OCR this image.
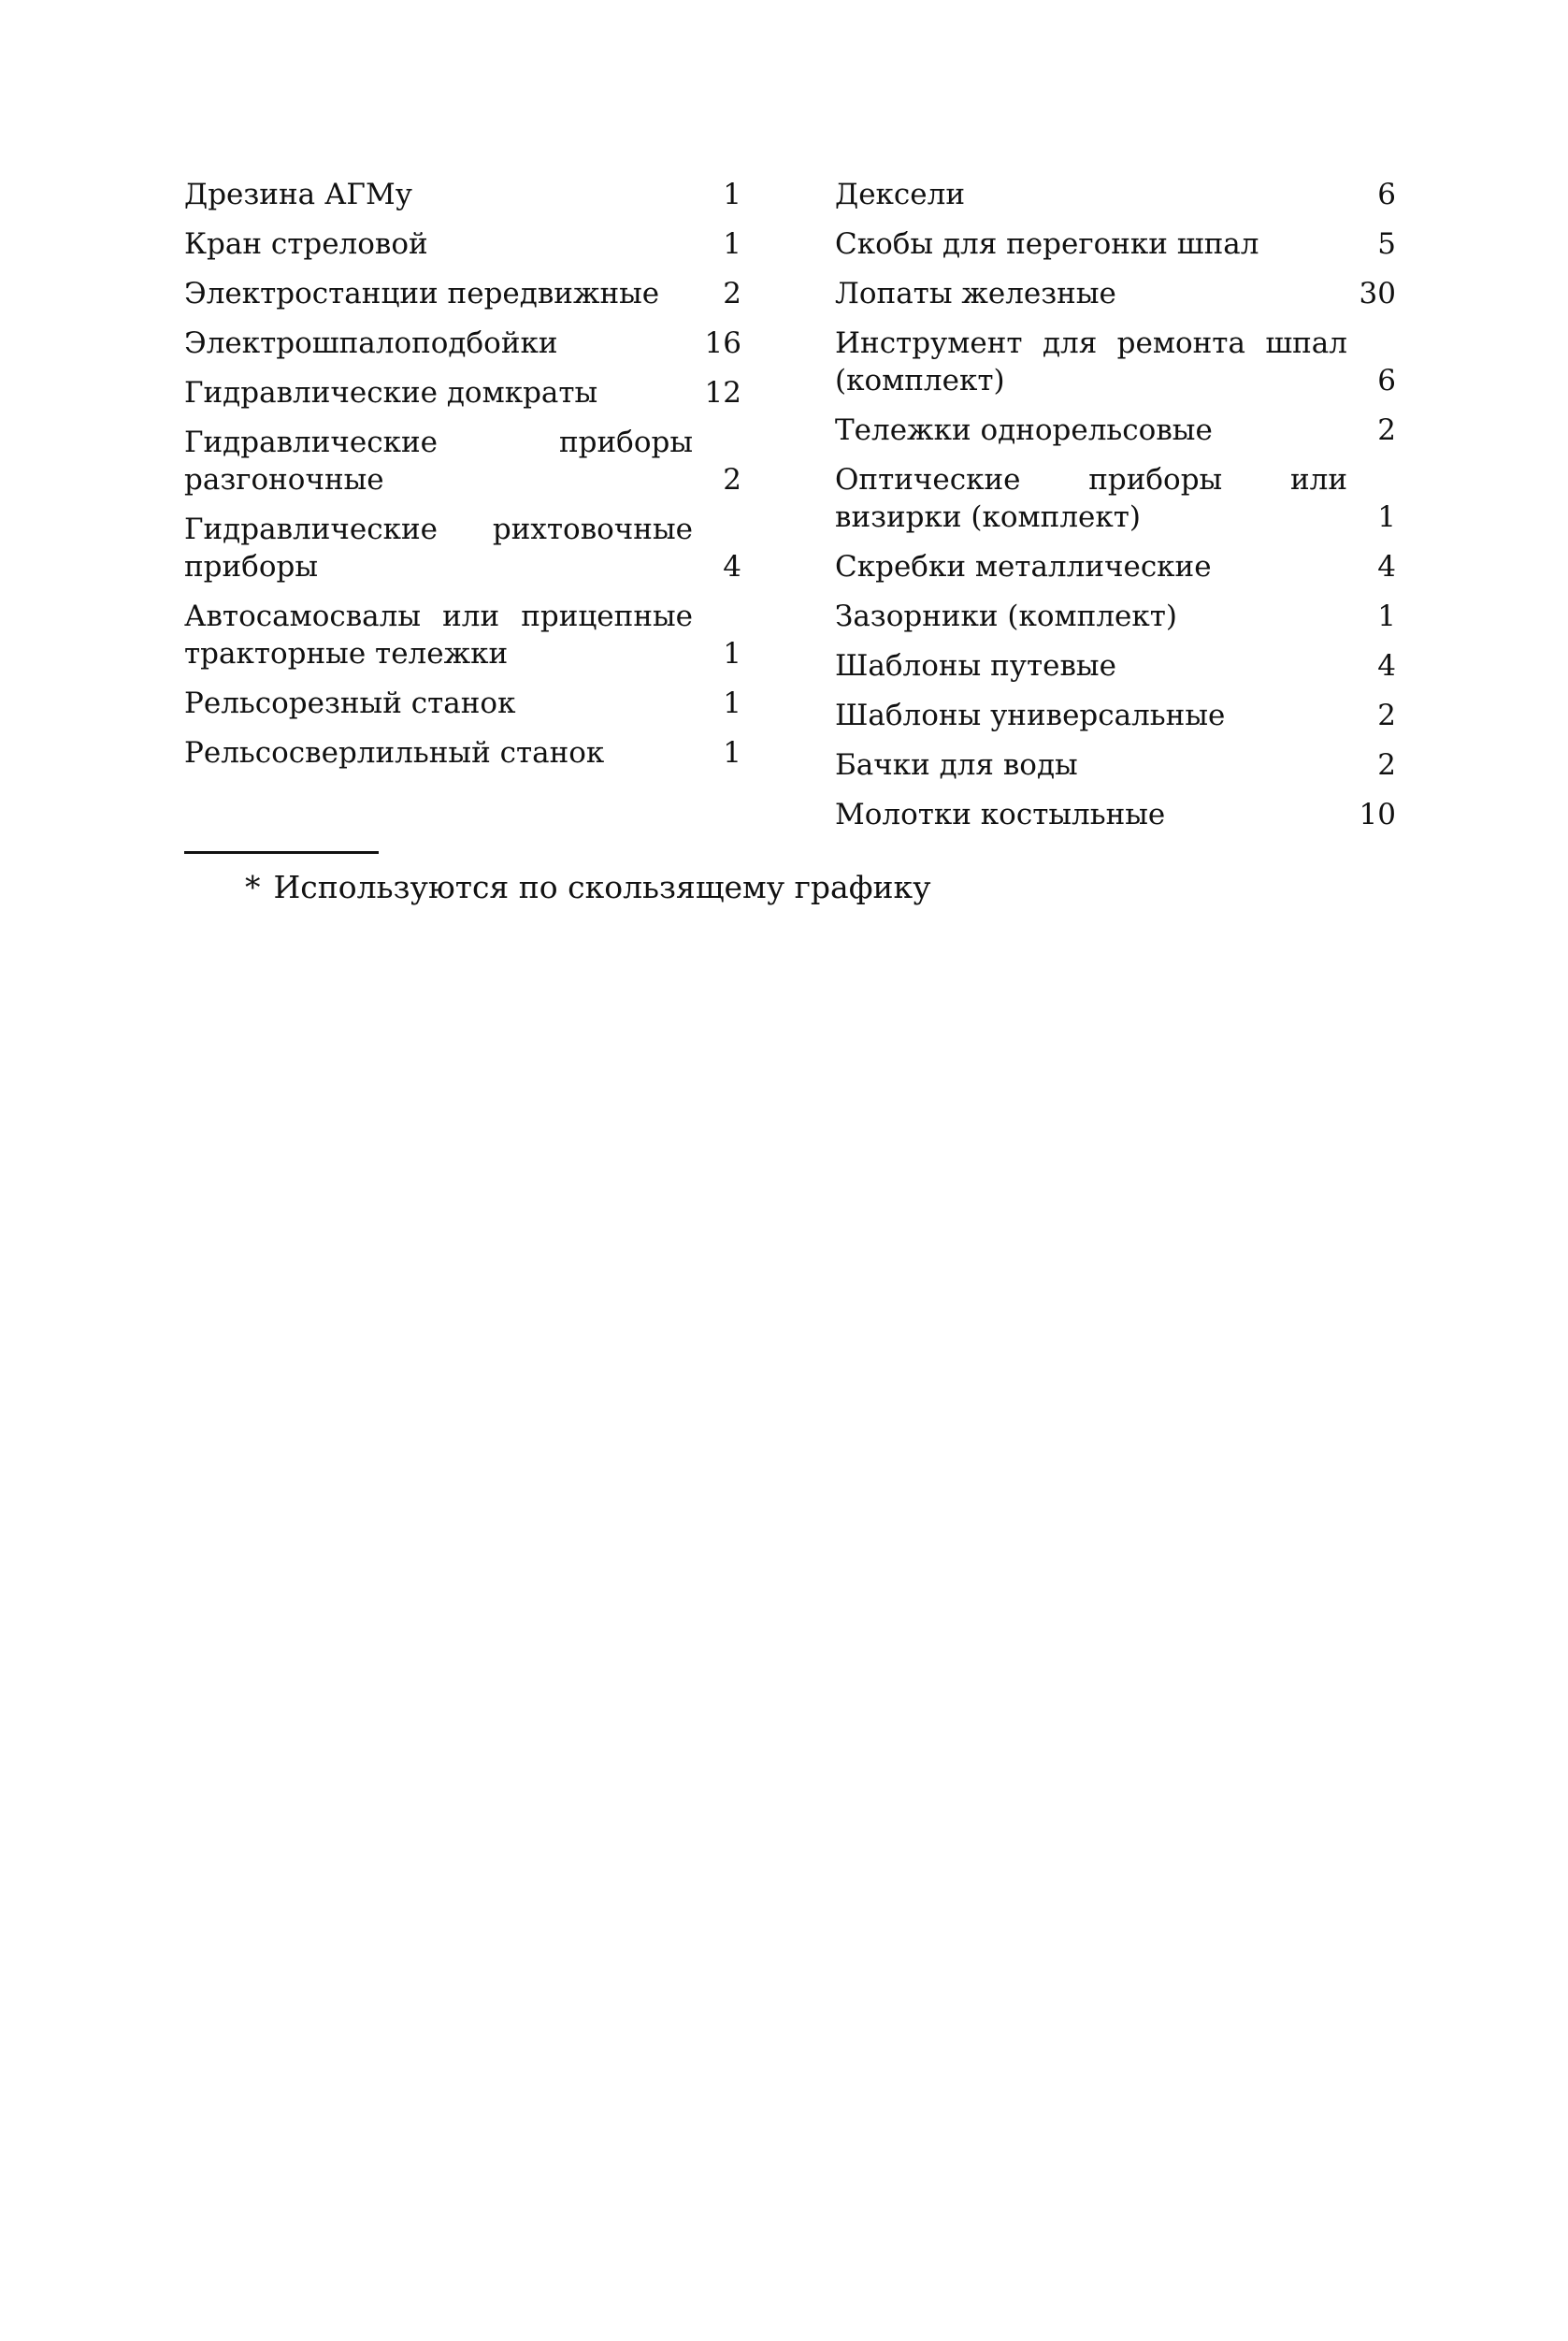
Дрезина АГМу	1
Кран стреловой	1
Электростанции передвижные	2
Электрошпалоподбойки	16
Гидравлические домкраты	12
Гидравлические приборы разгоночные	2
Гидравлические рихтовочные приборы	4
Автосамосвалы или прицепные тракторные тележки	1
Рельсорезный станок	1
Рельсосверлильный станок	1
Дексели	6
Скобы для перегонки шпал	5
Лопаты железные	30
Инструмент для ремонта шпал (комплект)	6
Тележки однорельсовые	2
Оптические приборы или визирки (комплект)	1
Скребки металлические	4
Зазорники (комплект)	1
Шаблоны путевые	4
Шаблоны универсальные	2
Бачки для воды	2
Молотки костыльные	10
* Используются по скользящему графику
